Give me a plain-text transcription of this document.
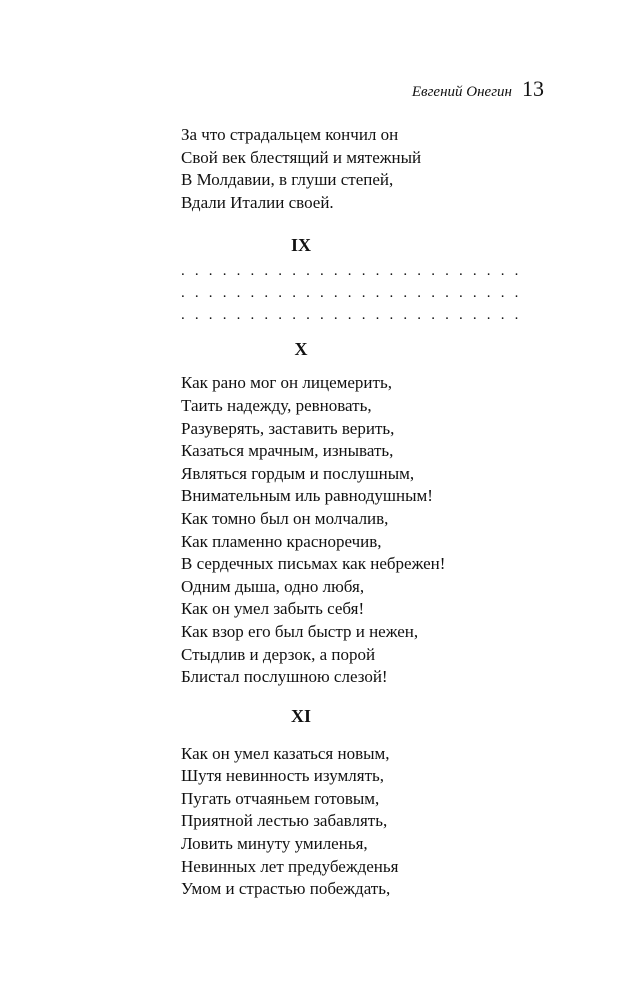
Евгений Онегин 13
За что страдальцем кончил он
Свой век блестящий и мятежный
В Молдавии, в глуши степей,
Вдали Италии своей.
IX
. . . . . . . . . . . . . . . . . . . . . . . . .
. . . . . . . . . . . . . . . . . . . . . . . . .
. . . . . . . . . . . . . . . . . . . . . . . . .
X
Как рано мог он лицемерить,
Таить надежду, ревновать,
Разуверять, заставить верить,
Казаться мрачным, изнывать,
Являться гордым и послушным,
Внимательным иль равнодушным!
Как томно был он молчалив,
Как пламенно красноречив,
В сердечных письмах как небрежен!
Одним дыша, одно любя,
Как он умел забыть себя!
Как взор его был быстр и нежен,
Стыдлив и дерзок, а порой
Блистал послушною слезой!
XI
Как он умел казаться новым,
Шутя невинность изумлять,
Пугать отчаяньем готовым,
Приятной лестью забавлять,
Ловить минуту умиленья,
Невинных лет предубежденья
Умом и страстью побеждать,
